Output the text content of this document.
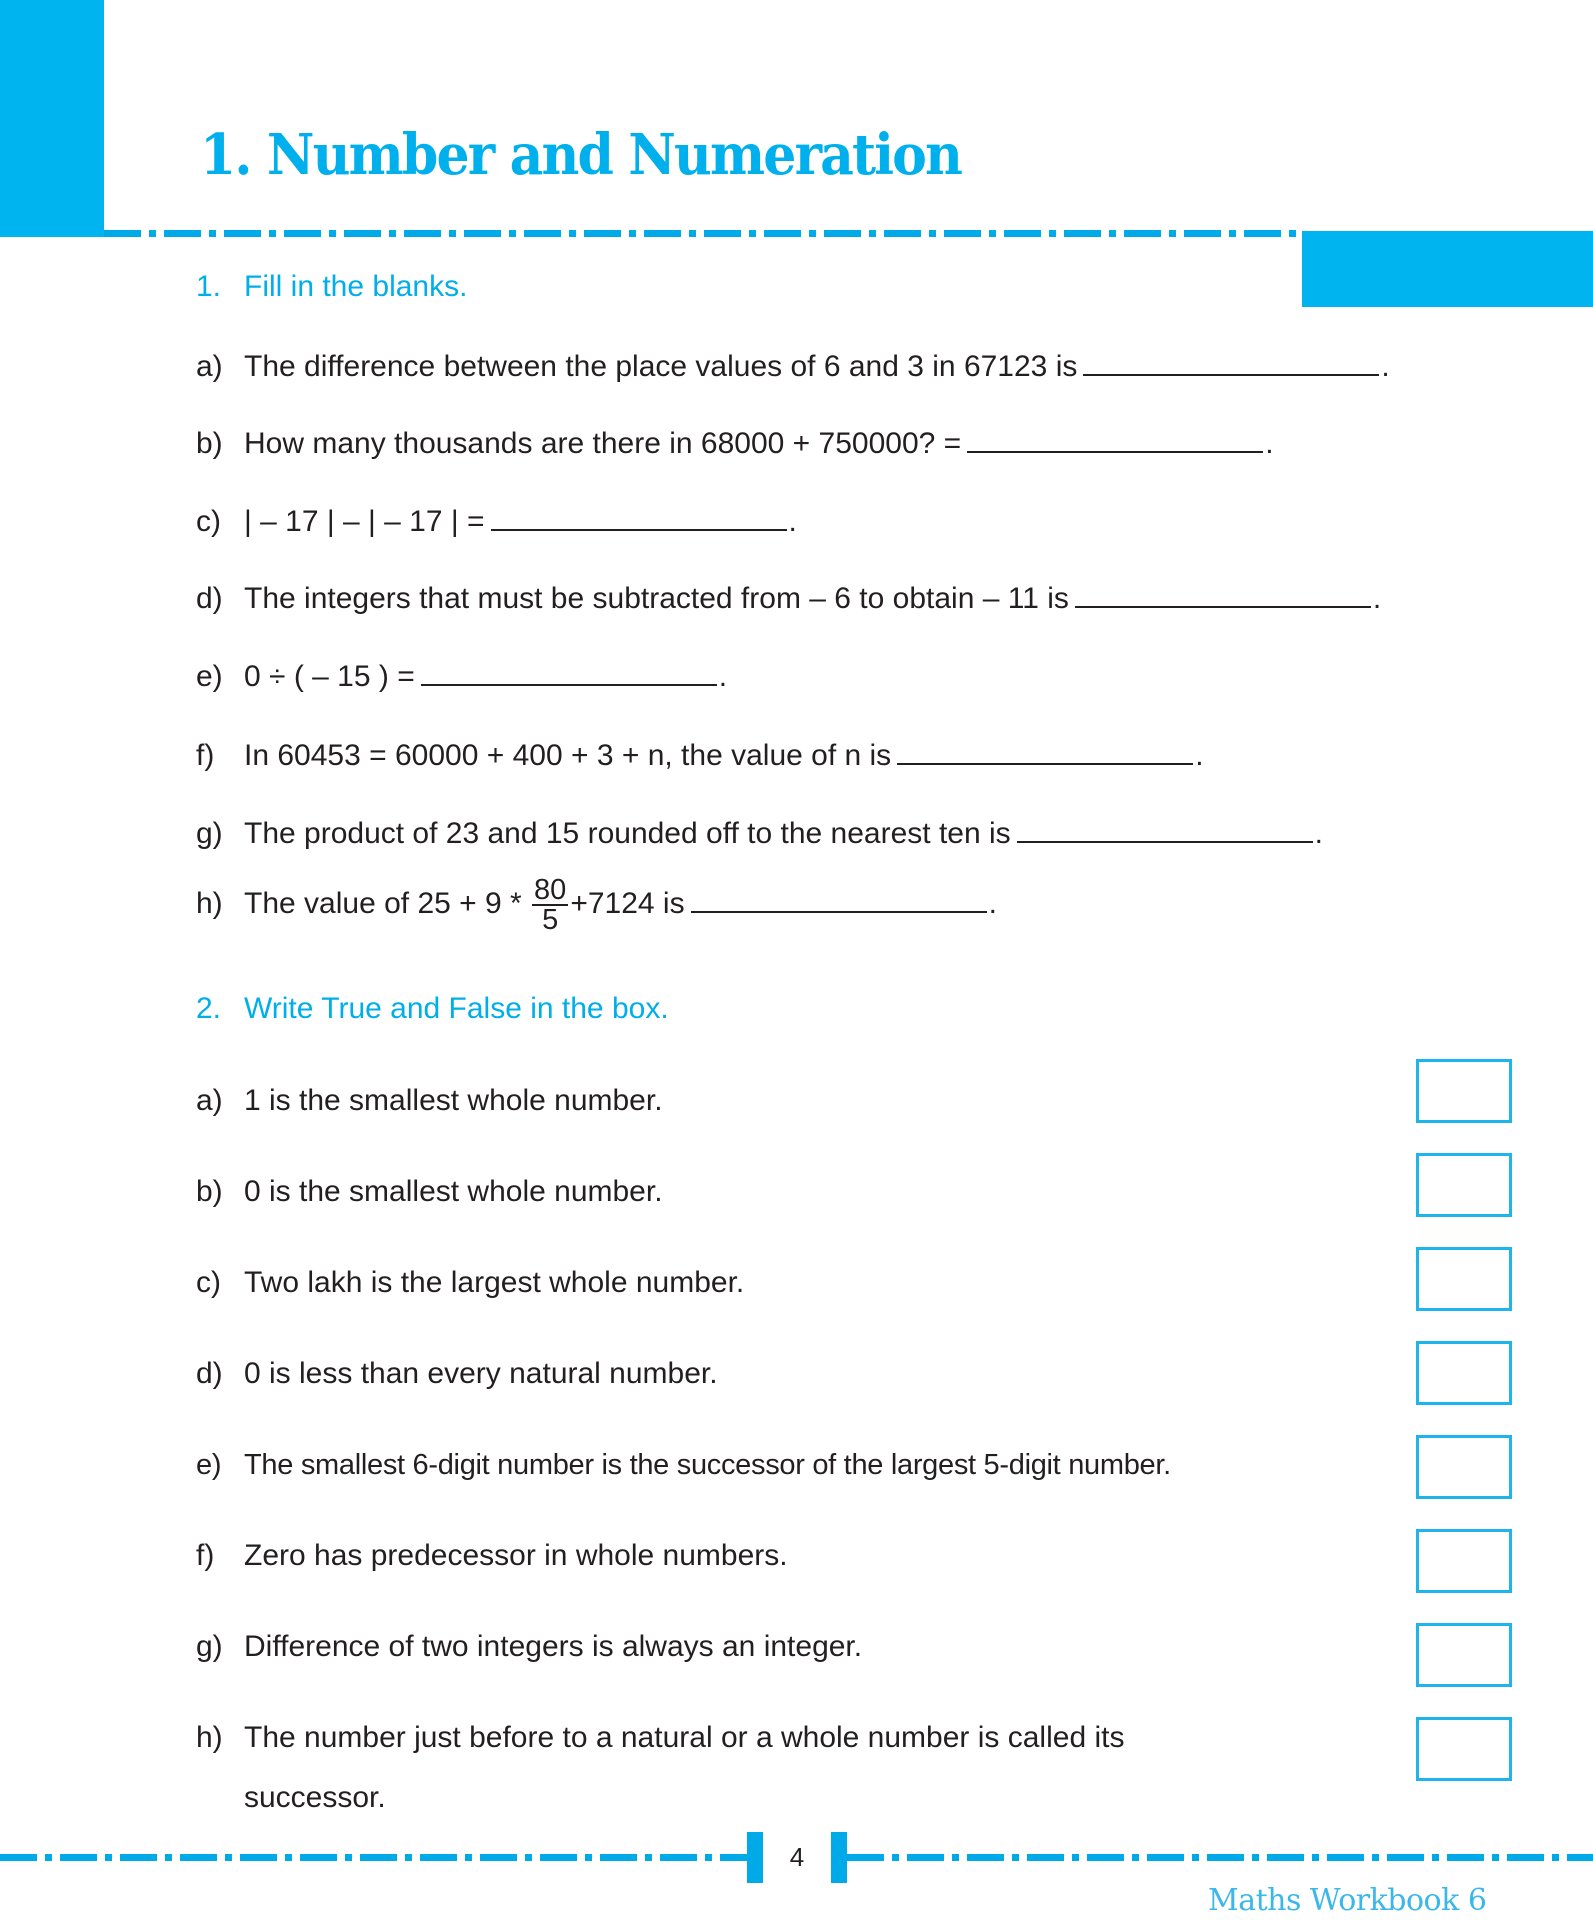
1. Number and Numeration
1. Fill in the blanks.
a) The difference between the place values of 6 and 3 in 67123 is	.
b) How many thousands are there in 68000 + 750000? =	.
c) | – 17 | – | – 17 | =	.
d) The integers that must be subtracted from – 6 to obtain – 11 is	.
e) 0 ÷ ( – 15 ) =	.
f) In 60453 = 60000 + 400 + 3 + n, the value of n is	.
g) The product of 23 and 15 rounded off to the nearest ten is	.
h) The value of $25 + 9 * \frac{80}{5} +7124$ is	.
2. Write True and False in the box.
a) 1 is the smallest whole number.
b) 0 is the smallest whole number.
c) Two lakh is the largest whole number.
d) 0 is less than every natural number.
e) The smallest 6-digit number is the successor of the largest 5-digit number.
f) Zero has predecessor in whole numbers.
g) Difference of two integers is always an integer.
h) The number just before to a natural or a whole number is called its
successor.
4
Maths Workbook 6
